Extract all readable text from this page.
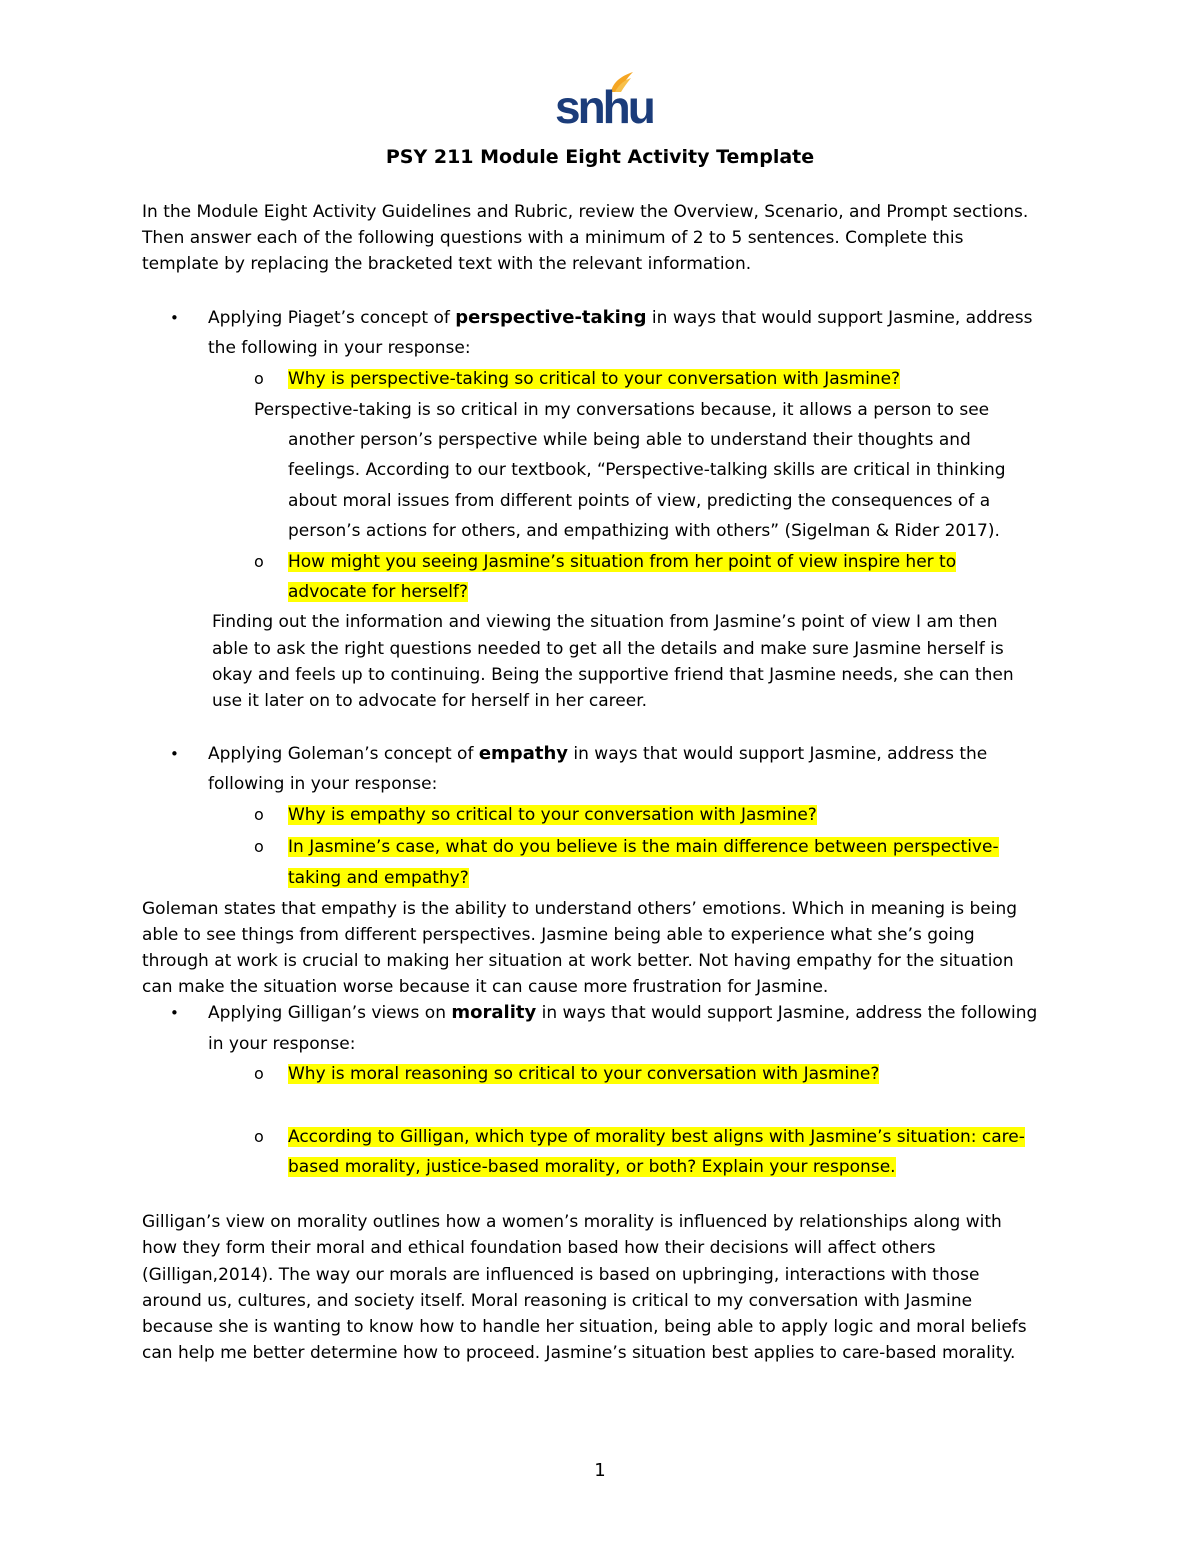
snhu
PSY 211 Module Eight Activity Template
In the Module Eight Activity Guidelines and Rubric, review the Overview, Scenario, and Prompt sections.
Then answer each of the following questions with a minimum of 2 to 5 sentences. Complete this
template by replacing the bracketed text with the relevant information.
• Applying Piaget’s concept of perspective-taking in ways that would support Jasmine, address
the following in your response:
o Why is perspective-taking so critical to your conversation with Jasmine?
Perspective-taking is so critical in my conversations because, it allows a person to see
another person’s perspective while being able to understand their thoughts and
feelings. According to our textbook, “Perspective-talking skills are critical in thinking
about moral issues from different points of view, predicting the consequences of a
person’s actions for others, and empathizing with others” (Sigelman & Rider 2017).
o How might you seeing Jasmine’s situation from her point of view inspire her to
advocate for herself?
Finding out the information and viewing the situation from Jasmine’s point of view I am then
able to ask the right questions needed to get all the details and make sure Jasmine herself is
okay and feels up to continuing. Being the supportive friend that Jasmine needs, she can then
use it later on to advocate for herself in her career.
• Applying Goleman’s concept of empathy in ways that would support Jasmine, address the
following in your response:
o Why is empathy so critical to your conversation with Jasmine?
o In Jasmine’s case, what do you believe is the main difference between perspective-
taking and empathy?
Goleman states that empathy is the ability to understand others’ emotions. Which in meaning is being
able to see things from different perspectives. Jasmine being able to experience what she’s going
through at work is crucial to making her situation at work better. Not having empathy for the situation
can make the situation worse because it can cause more frustration for Jasmine.
• Applying Gilligan’s views on morality in ways that would support Jasmine, address the following
in your response:
o Why is moral reasoning so critical to your conversation with Jasmine?
o According to Gilligan, which type of morality best aligns with Jasmine’s situation: care-
based morality, justice-based morality, or both? Explain your response.
Gilligan’s view on morality outlines how a women’s morality is influenced by relationships along with
how they form their moral and ethical foundation based how their decisions will affect others
(Gilligan,2014). The way our morals are influenced is based on upbringing, interactions with those
around us, cultures, and society itself. Moral reasoning is critical to my conversation with Jasmine
because she is wanting to know how to handle her situation, being able to apply logic and moral beliefs
can help me better determine how to proceed. Jasmine’s situation best applies to care-based morality.
1
